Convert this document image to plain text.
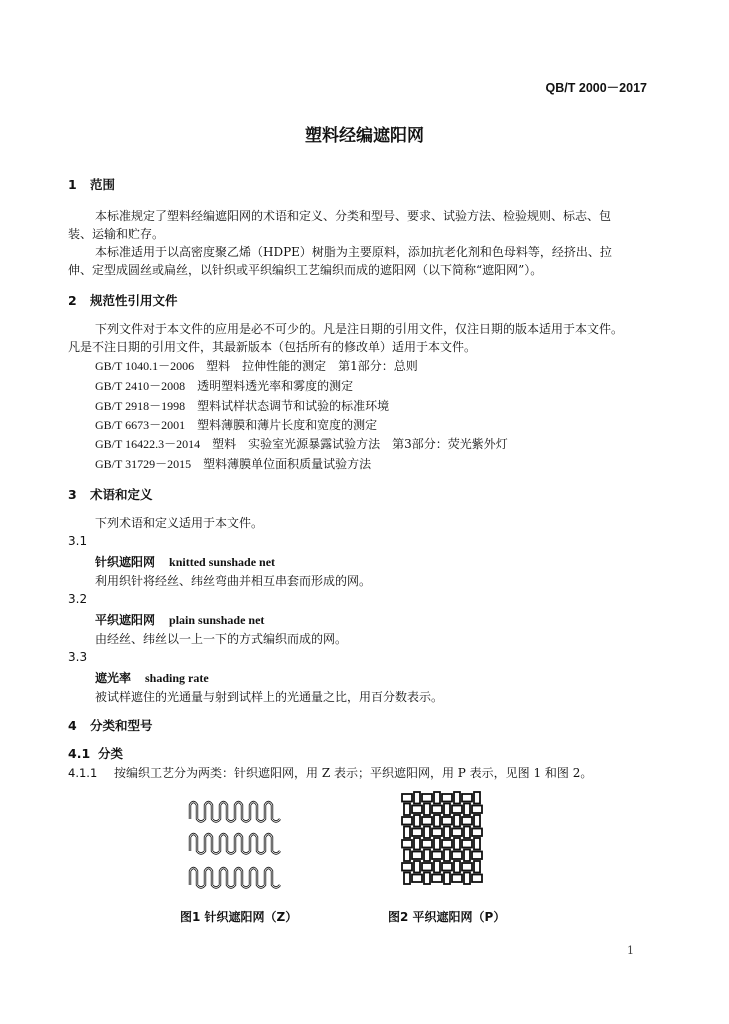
QB/T 2000－2017
塑料经编遮阳网
1 范围
本标准规定了塑料经编遮阳网的术语和定义、分类和型号、要求、试验方法、检验规则、标志、包
装、运输和贮存。
本标准适用于以高密度聚乙烯（HDPE）树脂为主要原料，添加抗老化剂和色母料等，经挤出、拉
伸、定型成圆丝或扁丝，以针织或平织编织工艺编织而成的遮阳网（以下简称“遮阳网”）。
2 规范性引用文件
下列文件对于本文件的应用是必不可少的。凡是注日期的引用文件，仅注日期的版本适用于本文件。
凡是不注日期的引用文件，其最新版本（包括所有的修改单）适用于本文件。
GB/T 1040.1－2006　 塑料　拉伸性能的测定　第1部分：总则
GB/T 2410－2008　 透明塑料透光率和雾度的测定
GB/T 2918－1998　 塑料试样状态调节和试验的标准环境
GB/T 6673－2001　 塑料薄膜和薄片长度和宽度的测定
GB/T 16422.3－2014　 塑料　实验室光源暴露试验方法　第3部分：荧光紫外灯
GB/T 31729－2015　 塑料薄膜单位面积质量试验方法
3 术语和定义
下列术语和定义适用于本文件。
3.1
针织遮阳网 knitted sunshade net
利用织针将经丝、纬丝弯曲并相互串套而形成的网。
3.2
平织遮阳网 plain sunshade net
由经丝、纬丝以一上一下的方式编织而成的网。
3.3
遮光率 shading rate
被试样遮住的光通量与射到试样上的光通量之比，用百分数表示。
4 分类和型号
4.1 分类
4.1.1 按编织工艺分为两类：针织遮阳网，用 Z 表示；平织遮阳网，用 P 表示，见图 1 和图 2。
图1 针织遮阳网（Z）	图2 平织遮阳网（P）
1
